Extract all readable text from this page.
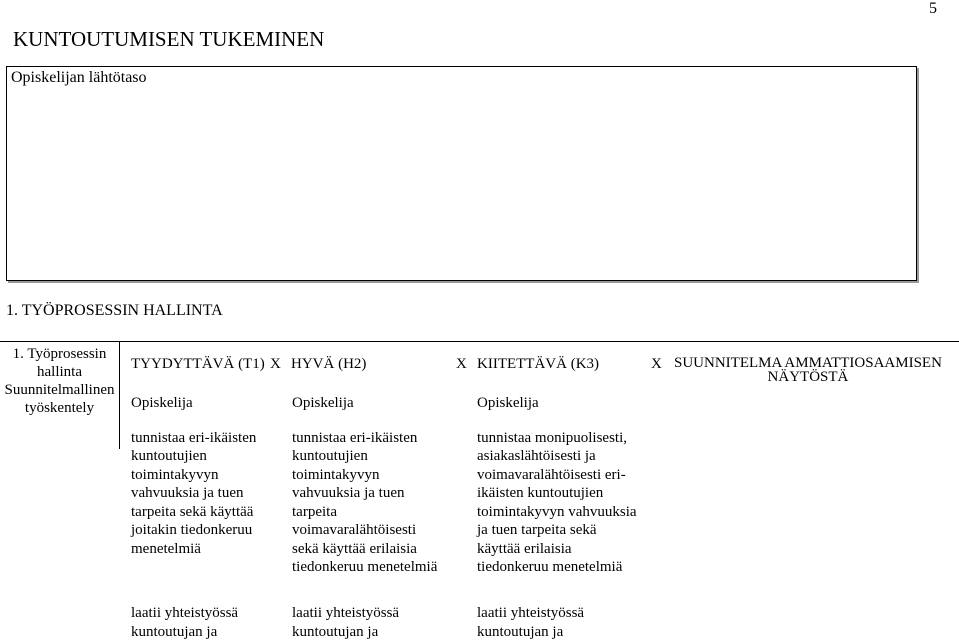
5
KUNTOUTUMISEN TUKEMINEN
Opiskelijan lähtötaso
1. TYÖPROSESSIN HALLINTA
1. Työprosessin
hallinta
Suunnitelmallinen
työskentely
TYYDYTTÄVÄ (T1) X HYVÄ (H2)	X KIITETTÄVÄ (K3)	X SUUNNITELMA AMMATTIOSAAMISEN
NÄYTÖSTÄ
Opiskelija
tunnistaa eri-ikäisten
kuntoutujien
toimintakyvyn
vahvuuksia ja tuen
tarpeita sekä käyttää
joitakin tiedonkeruu
menetelmiä
Opiskelija
tunnistaa eri-ikäisten
kuntoutujien
toimintakyvyn
vahvuuksia ja tuen
tarpeita
voimavaralähtöisesti
sekä käyttää erilaisia
tiedonkeruu menetelmiä
Opiskelija
tunnistaa monipuolisesti,
asiakaslähtöisesti ja
voimavaralähtöisesti eri-
ikäisten kuntoutujien
toimintakyvyn vahvuuksia
ja tuen tarpeita sekä
käyttää erilaisia
tiedonkeruu menetelmiä
laatii yhteistyössä
kuntoutujan ja
laatii yhteistyössä
kuntoutujan ja
laatii yhteistyössä
kuntoutujan ja
